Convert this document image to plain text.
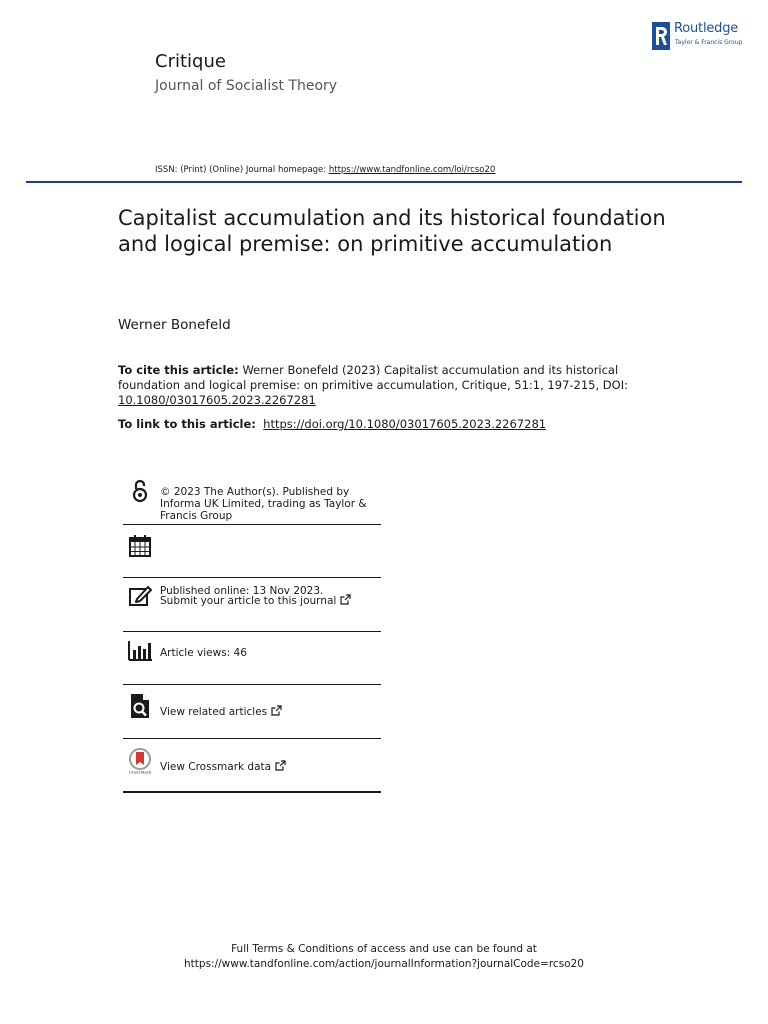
Routledge
Taylor & Francis Group
Critique
Journal of Socialist Theory
ISSN: (Print) (Online) Journal homepage: https://www.tandfonline.com/loi/rcso20
Capitalist accumulation and its historical foundation and logical premise: on primitive accumulation
Werner Bonefeld
To cite this article: Werner Bonefeld (2023) Capitalist accumulation and its historical foundation and logical premise: on primitive accumulation, Critique, 51:1, 197-215, DOI: 10.1080/03017605.2023.2267281
To link to this article: https://doi.org/10.1080/03017605.2023.2267281
© 2023 The Author(s). Published by Informa UK Limited, trading as Taylor & Francis Group
Published online: 13 Nov 2023.
Submit your article to this journal
Article views: 46
View related articles
CrossMark View Crossmark data
Full Terms & Conditions of access and use can be found at
https://www.tandfonline.com/action/journalInformation?journalCode=rcso20
